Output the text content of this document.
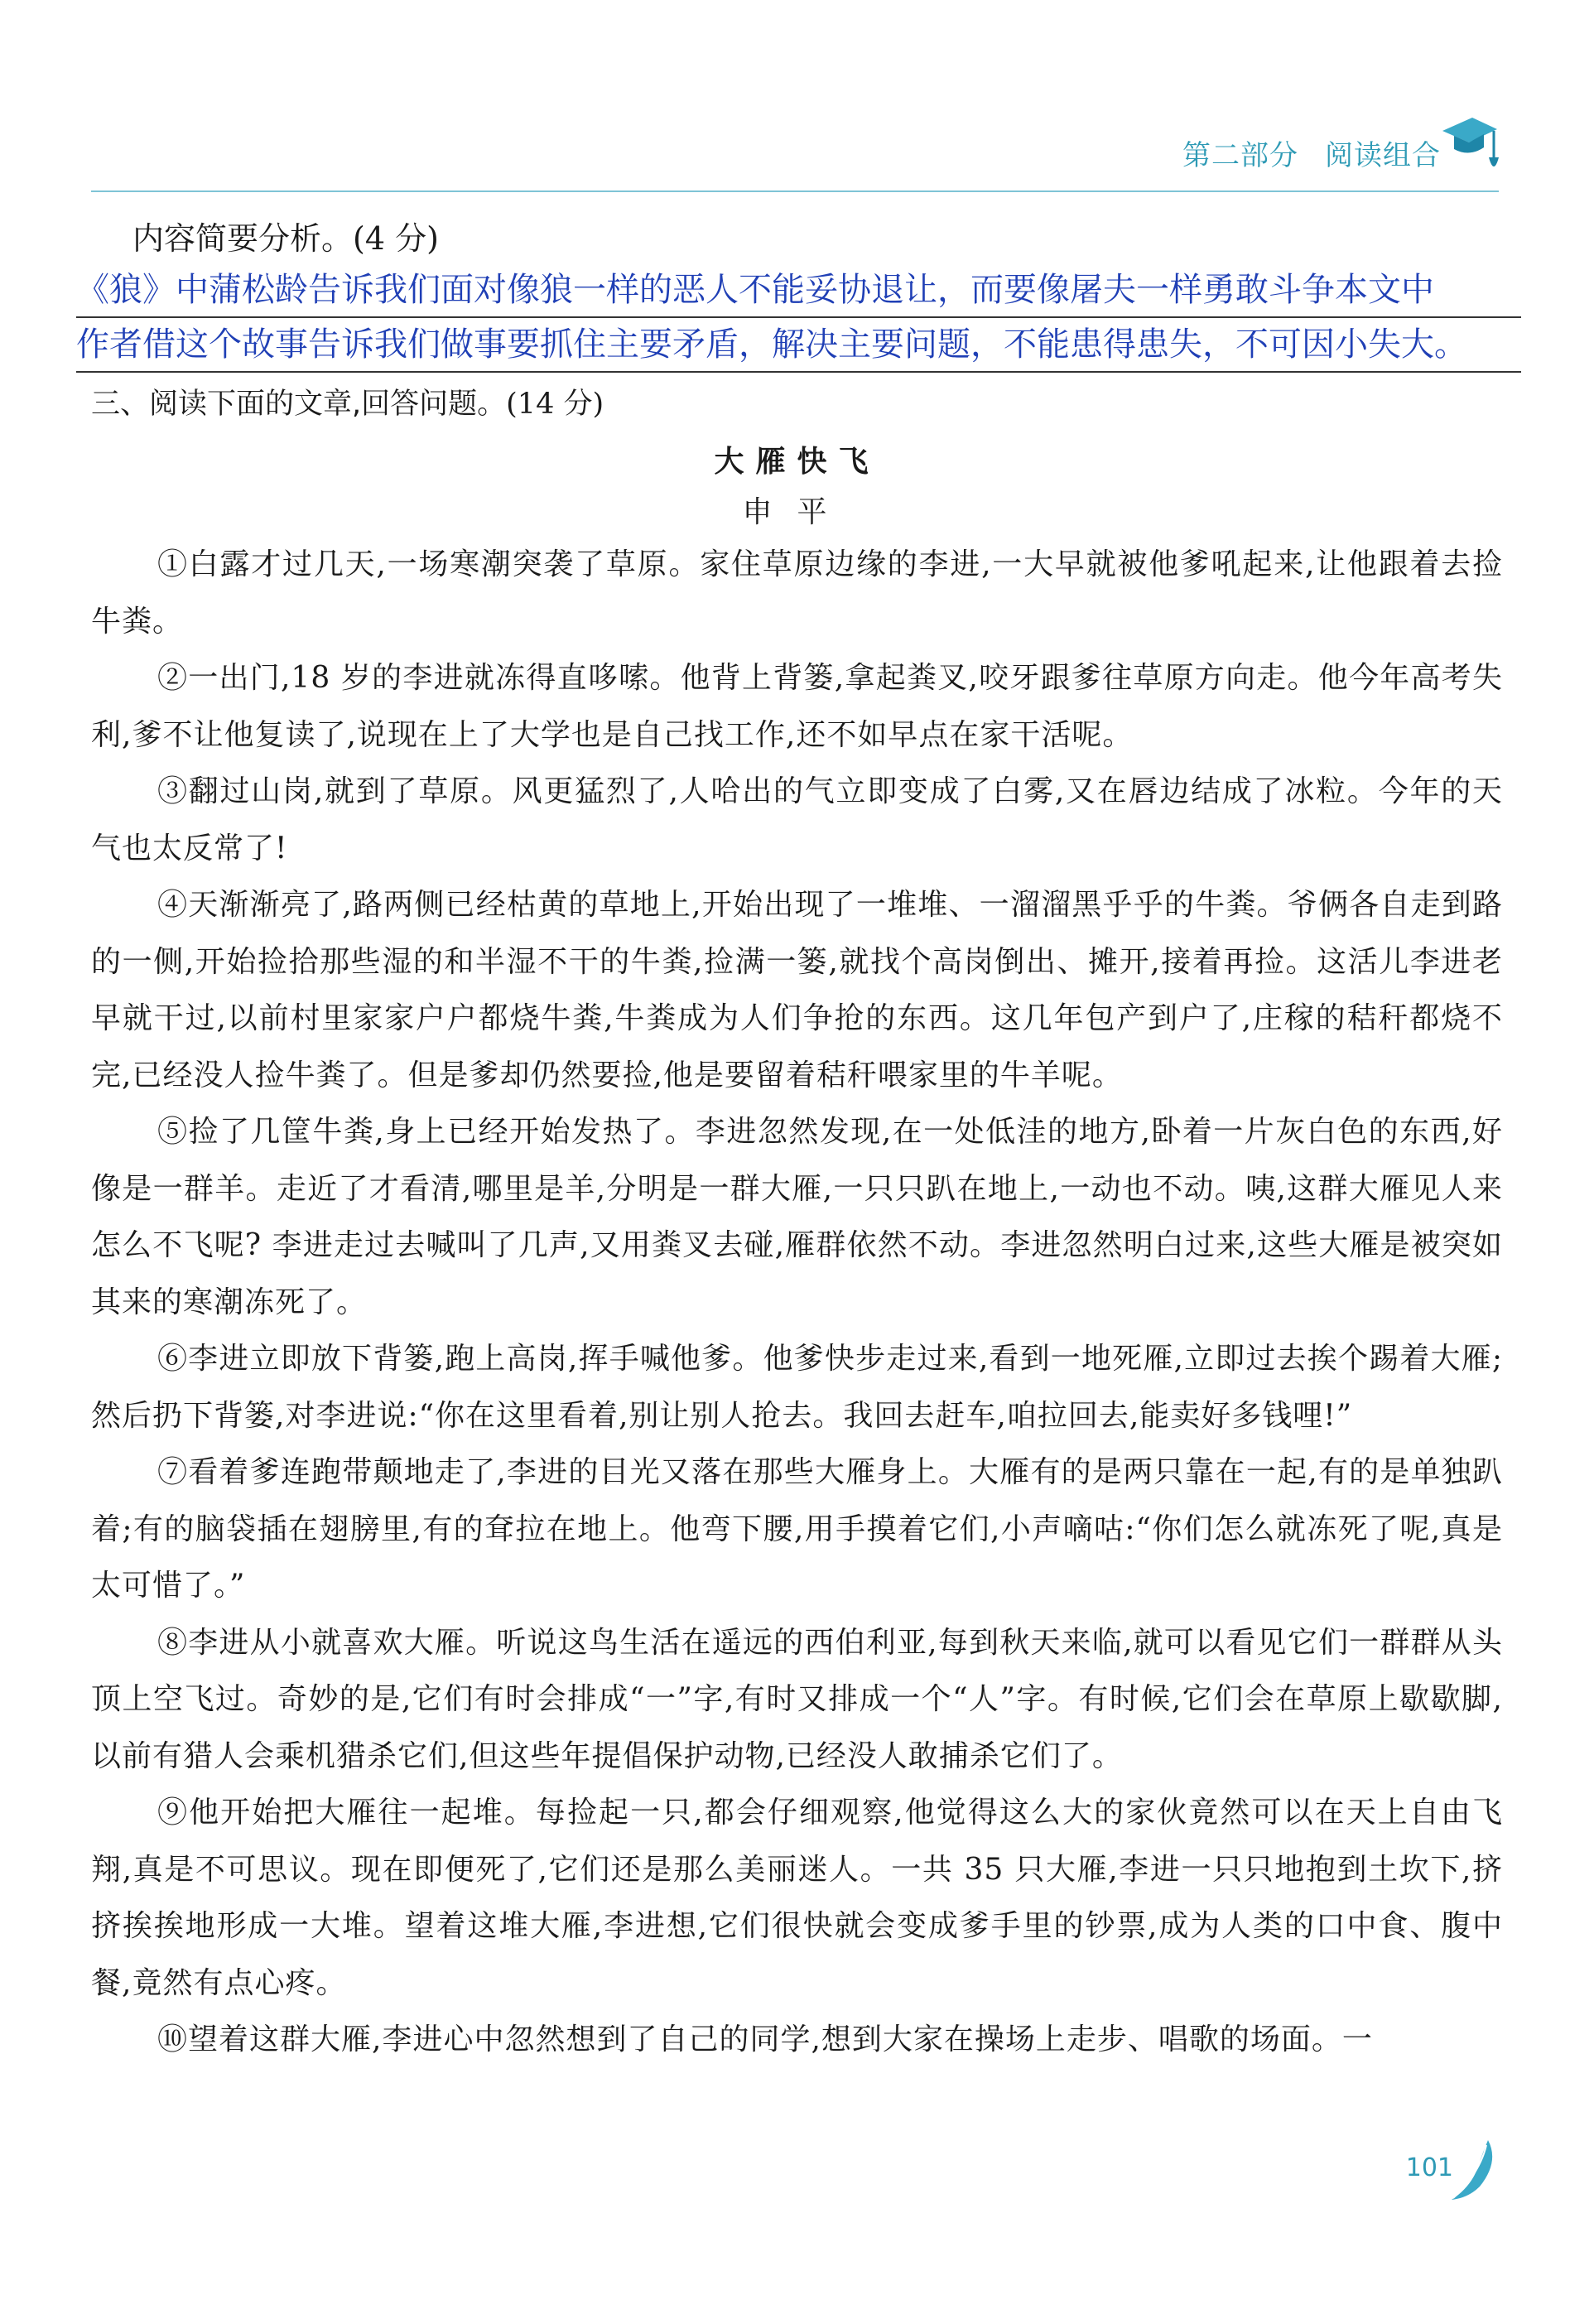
第二部分 阅读组合

内容简要分析。(4 分)

《狼》中蒲松龄告诉我们面对像狼一样的恶人不能妥协退让，而要像屠夫一样勇敢斗争本文中
作者借这个故事告诉我们做事要抓住主要矛盾，解决主要问题，不能患得患失，不可因小失大。

三、阅读下面的文章,回答问题。(14 分)

大雁快飞

申平

①白露才过几天,一场寒潮突袭了草原。家住草原边缘的李进,一大早就被他爹吼起来,让他跟着去捡牛粪。

②一出门,18 岁的李进就冻得直哆嗦。他背上背篓,拿起粪叉,咬牙跟爹往草原方向走。他今年高考失利,爹不让他复读了,说现在上了大学也是自己找工作,还不如早点在家干活呢。

③翻过山岗,就到了草原。风更猛烈了,人哈出的气立即变成了白雾,又在唇边结成了冰粒。今年的天气也太反常了!

④天渐渐亮了,路两侧已经枯黄的草地上,开始出现了一堆堆、一溜溜黑乎乎的牛粪。爷俩各自走到路的一侧,开始捡拾那些湿的和半湿不干的牛粪,捡满一篓,就找个高岗倒出、摊开,接着再捡。这活儿李进老早就干过,以前村里家家户户都烧牛粪,牛粪成为人们争抢的东西。这几年包产到户了,庄稼的秸秆都烧不完,已经没人捡牛粪了。但是爹却仍然要捡,他是要留着秸秆喂家里的牛羊呢。

⑤捡了几筐牛粪,身上已经开始发热了。李进忽然发现,在一处低洼的地方,卧着一片灰白色的东西,好像是一群羊。走近了才看清,哪里是羊,分明是一群大雁,一只只趴在地上,一动也不动。咦,这群大雁见人来怎么不飞呢? 李进走过去喊叫了几声,又用粪叉去碰,雁群依然不动。李进忽然明白过来,这些大雁是被突如其来的寒潮冻死了。

⑥李进立即放下背篓,跑上高岗,挥手喊他爹。他爹快步走过来,看到一地死雁,立即过去挨个踢着大雁;然后扔下背篓,对李进说:“你在这里看着,别让别人抢去。我回去赶车,咱拉回去,能卖好多钱哩!”

⑦看着爹连跑带颠地走了,李进的目光又落在那些大雁身上。大雁有的是两只靠在一起,有的是单独趴着;有的脑袋插在翅膀里,有的耷拉在地上。他弯下腰,用手摸着它们,小声嘀咕:“你们怎么就冻死了呢,真是太可惜了。”

⑧李进从小就喜欢大雁。听说这鸟生活在遥远的西伯利亚,每到秋天来临,就可以看见它们一群群从头顶上空飞过。奇妙的是,它们有时会排成“一”字,有时又排成一个“人”字。有时候,它们会在草原上歇歇脚,以前有猎人会乘机猎杀它们,但这些年提倡保护动物,已经没人敢捕杀它们了。

⑨他开始把大雁往一起堆。每捡起一只,都会仔细观察,他觉得这么大的家伙竟然可以在天上自由飞翔,真是不可思议。现在即便死了,它们还是那么美丽迷人。一共 35 只大雁,李进一只只地抱到土坎下,挤挤挨挨地形成一大堆。望着这堆大雁,李进想,它们很快就会变成爹手里的钞票,成为人类的口中食、腹中餐,竟然有点心疼。

⑩望着这群大雁,李进心中忽然想到了自己的同学,想到大家在操场上走步、唱歌的场面。一

101
